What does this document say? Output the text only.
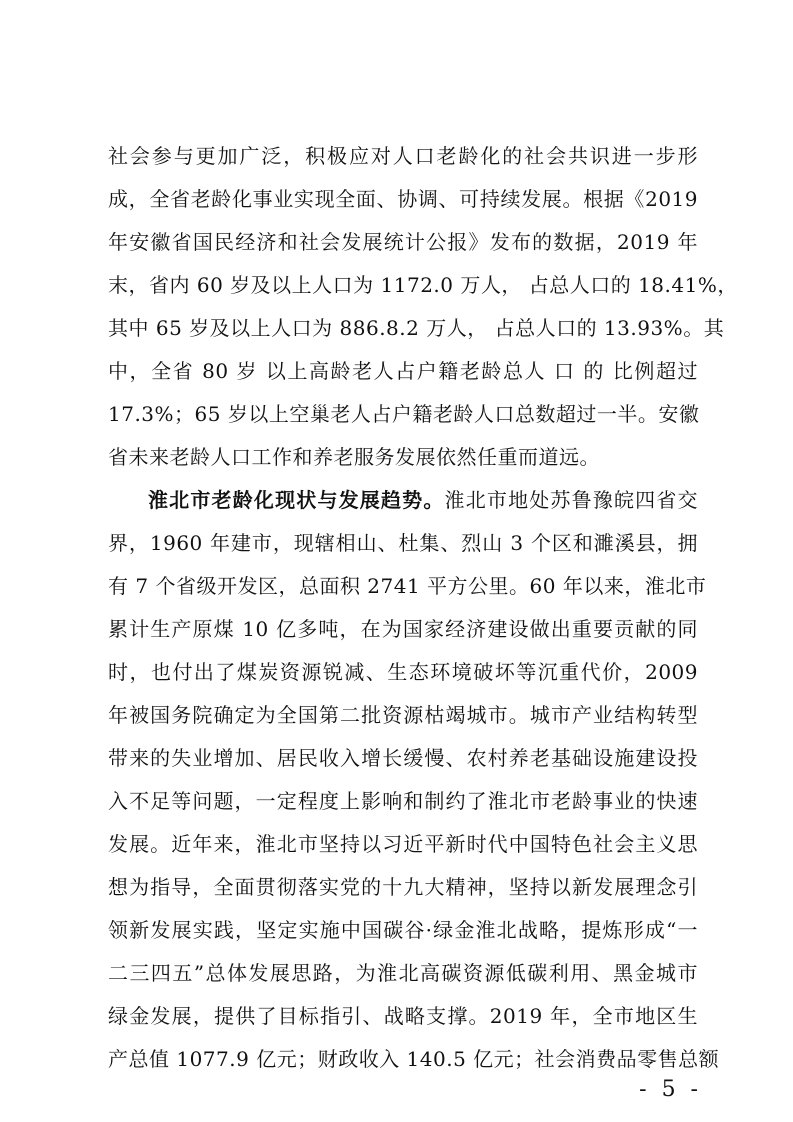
社会参与更加广泛，积极应对人口老龄化的社会共识进一步形
成，全省老龄化事业实现全面、协调、可持续发展。根据《2019
年安徽省国民经济和社会发展统计公报》发布的数据，2019 年
末，省内 60 岁及以上人口为 1172.0 万人， 占总人口的 18.41%，
其中 65 岁及以上人口为 886.8.2 万人， 占总人口的 13.93%。其
中，全省 80 岁 以上高龄老人占户籍老龄总人 口 的 比例超过
17.3%；65 岁以上空巢老人占户籍老龄人口总数超过一半。安徽
省未来老龄人口工作和养老服务发展依然任重而道远。
淮北市老龄化现状与发展趋势。淮北市地处苏鲁豫皖四省交
界，1960 年建市，现辖相山、杜集、烈山 3 个区和濉溪县，拥
有 7 个省级开发区，总面积 2741 平方公里。60 年以来，淮北市
累计生产原煤 10 亿多吨，在为国家经济建设做出重要贡献的同
时，也付出了煤炭资源锐减、生态环境破坏等沉重代价，2009
年被国务院确定为全国第二批资源枯竭城市。城市产业结构转型
带来的失业增加、居民收入增长缓慢、农村养老基础设施建设投
入不足等问题，一定程度上影响和制约了淮北市老龄事业的快速
发展。近年来，淮北市坚持以习近平新时代中国特色社会主义思
想为指导，全面贯彻落实党的十九大精神，坚持以新发展理念引
领新发展实践，坚定实施中国碳谷·绿金淮北战略，提炼形成“一
二三四五”总体发展思路，为淮北高碳资源低碳利用、黑金城市
绿金发展，提供了目标指引、战略支撑。2019 年，全市地区生
产总值 1077.9 亿元；财政收入 140.5 亿元；社会消费品零售总额
- 5 -
